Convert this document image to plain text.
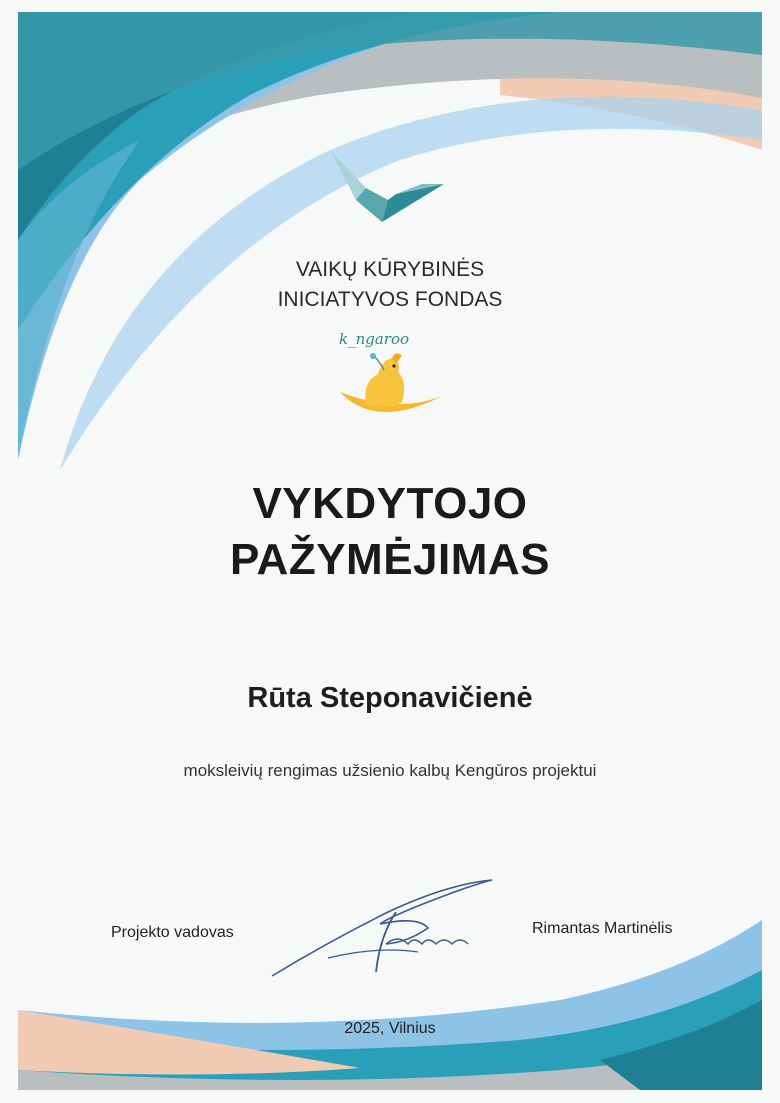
VAIKŲ KŪRYBINĖS
INICIATYVOS FONDAS
k_ngaroo
VYKDYTOJO
PAŽYMĖJIMAS
Rūta Steponavičienė
moksleivių rengimas užsienio kalbų Kengūros projektui
Projekto vadovas	Rimantas Martinėlis
2025, Vilnius
